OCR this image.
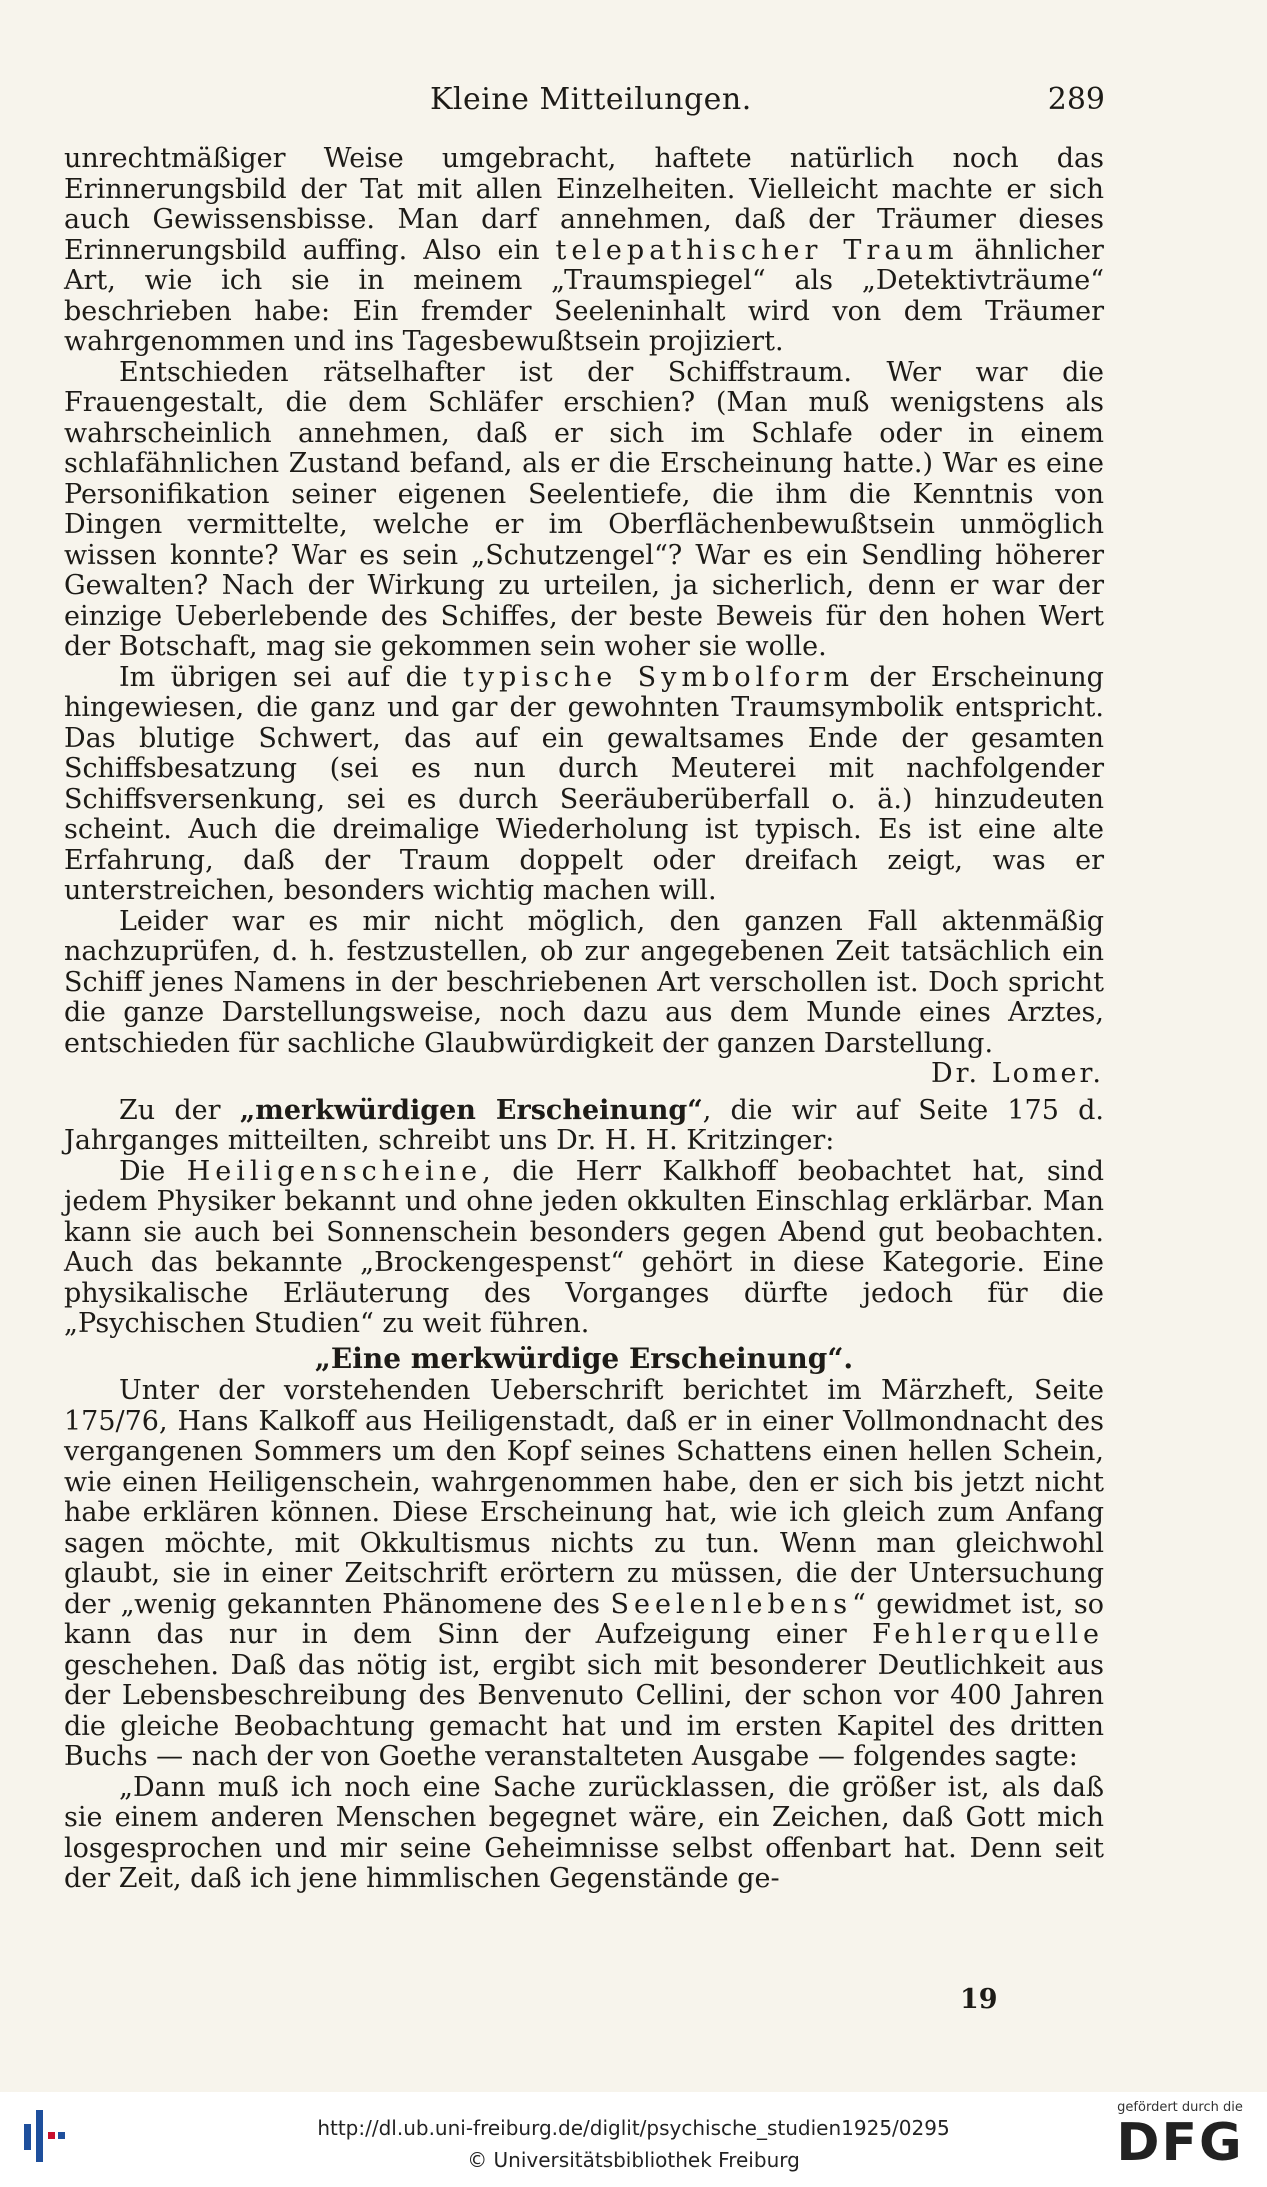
Kleine Mitteilungen.	289

unrechtmäßiger Weise umgebracht, haftete natürlich noch das Erinnerungsbild der Tat mit allen Einzelheiten. Vielleicht machte er sich auch Gewissensbisse. Man darf annehmen, daß der Träumer dieses Erinnerungsbild auffing. Also ein telepathischer Traum ähnlicher Art, wie ich sie in meinem „Traumspiegel“ als „Detektivträume“ beschrieben habe: Ein fremder Seeleninhalt wird von dem Träumer wahrgenommen und ins Tagesbewußtsein projiziert.

Entschieden rätselhafter ist der Schiffstraum. Wer war die Frauengestalt, die dem Schläfer erschien? (Man muß wenigstens als wahrscheinlich annehmen, daß er sich im Schlafe oder in einem schlafähnlichen Zustand befand, als er die Erscheinung hatte.) War es eine Personifikation seiner eigenen Seelentiefe, die ihm die Kenntnis von Dingen vermittelte, welche er im Oberflächenbewußtsein unmöglich wissen konnte? War es sein „Schutzengel“? War es ein Sendling höherer Gewalten? Nach der Wirkung zu urteilen, ja sicherlich, denn er war der einzige Ueberlebende des Schiffes, der beste Beweis für den hohen Wert der Botschaft, mag sie gekommen sein woher sie wolle.

Im übrigen sei auf die typische Symbolform der Erscheinung hingewiesen, die ganz und gar der gewohnten Traumsymbolik entspricht. Das blutige Schwert, das auf ein gewaltsames Ende der gesamten Schiffsbesatzung (sei es nun durch Meuterei mit nachfolgender Schiffsversenkung, sei es durch Seeräuberüberfall o. ä.) hinzudeuten scheint. Auch die dreimalige Wiederholung ist typisch. Es ist eine alte Erfahrung, daß der Traum doppelt oder dreifach zeigt, was er unterstreichen, besonders wichtig machen will.

Leider war es mir nicht möglich, den ganzen Fall aktenmäßig nachzuprüfen, d. h. festzustellen, ob zur angegebenen Zeit tatsächlich ein Schiff jenes Namens in der beschriebenen Art verschollen ist. Doch spricht die ganze Darstellungsweise, noch dazu aus dem Munde eines Arztes, entschieden für sachliche Glaubwürdigkeit der ganzen Darstellung.
Dr. Lomer.

Zu der „merkwürdigen Erscheinung“, die wir auf Seite 175 d. Jahrganges mitteilten, schreibt uns Dr. H. H. Kritzinger:

Die Heiligenscheine, die Herr Kalkhoff beobachtet hat, sind jedem Physiker bekannt und ohne jeden okkulten Einschlag erklärbar. Man kann sie auch bei Sonnenschein besonders gegen Abend gut beobachten. Auch das bekannte „Brockengespenst“ gehört in diese Kategorie. Eine physikalische Erläuterung des Vorganges dürfte jedoch für die „Psychischen Studien“ zu weit führen.

„Eine merkwürdige Erscheinung“.

Unter der vorstehenden Ueberschrift berichtet im Märzheft, Seite 175/76, Hans Kalkoff aus Heiligenstadt, daß er in einer Vollmondnacht des vergangenen Sommers um den Kopf seines Schattens einen hellen Schein, wie einen Heiligenschein, wahrgenommen habe, den er sich bis jetzt nicht habe erklären können. Diese Erscheinung hat, wie ich gleich zum Anfang sagen möchte, mit Okkultismus nichts zu tun. Wenn man gleichwohl glaubt, sie in einer Zeitschrift erörtern zu müssen, die der Untersuchung der „wenig gekannten Phänomene des Seelenlebens“ gewidmet ist, so kann das nur in dem Sinn der Aufzeigung einer Fehlerquelle geschehen. Daß das nötig ist, ergibt sich mit besonderer Deutlichkeit aus der Lebensbeschreibung des Benvenuto Cellini, der schon vor 400 Jahren die gleiche Beobachtung gemacht hat und im ersten Kapitel des dritten Buchs — nach der von Goethe veranstalteten Ausgabe — folgendes sagte:

„Dann muß ich noch eine Sache zurücklassen, die größer ist, als daß sie einem anderen Menschen begegnet wäre, ein Zeichen, daß Gott mich losgesprochen und mir seine Geheimnisse selbst offenbart hat. Denn seit der Zeit, daß ich jene himmlischen Gegenstände ge-

19
http://dl.ub.uni-freiburg.de/diglit/psychische_studien1925/0295
© Universitätsbibliothek Freiburg
gefördert durch die
DFG
